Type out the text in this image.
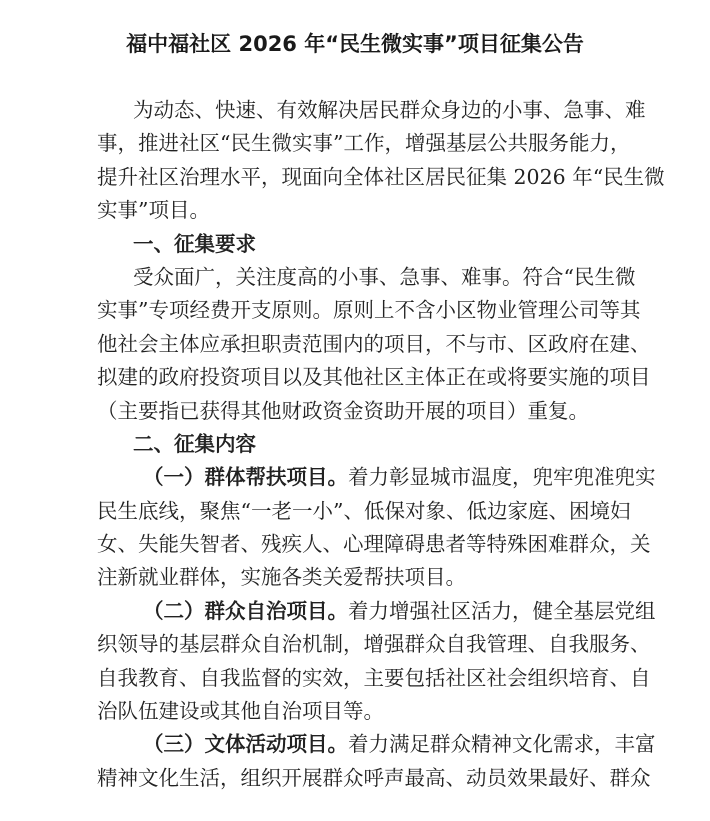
福中福社区 2026 年“民生微实事”项目征集公告
为动态、快速、有效解决居民群众身边的小事、急事、难
事，推进社区“民生微实事”工作，增强基层公共服务能力，
提升社区治理水平，现面向全体社区居民征集 2026 年“民生微
实事”项目。
一、征集要求
受众面广，关注度高的小事、急事、难事。符合“民生微
实事”专项经费开支原则。原则上不含小区物业管理公司等其
他社会主体应承担职责范围内的项目，不与市、区政府在建、
拟建的政府投资项目以及其他社区主体正在或将要实施的项目
（主要指已获得其他财政资金资助开展的项目）重复。
二、征集内容
（一）群体帮扶项目。着力彰显城市温度，兜牢兜准兜实
民生底线，聚焦“一老一小”、低保对象、低边家庭、困境妇
女、失能失智者、残疾人、心理障碍患者等特殊困难群众，关
注新就业群体，实施各类关爱帮扶项目。
（二）群众自治项目。着力增强社区活力，健全基层党组
织领导的基层群众自治机制，增强群众自我管理、自我服务、
自我教育、自我监督的实效，主要包括社区社会组织培育、自
治队伍建设或其他自治项目等。
（三）文体活动项目。着力满足群众精神文化需求，丰富
精神文化生活，组织开展群众呼声最高、动员效果最好、群众
